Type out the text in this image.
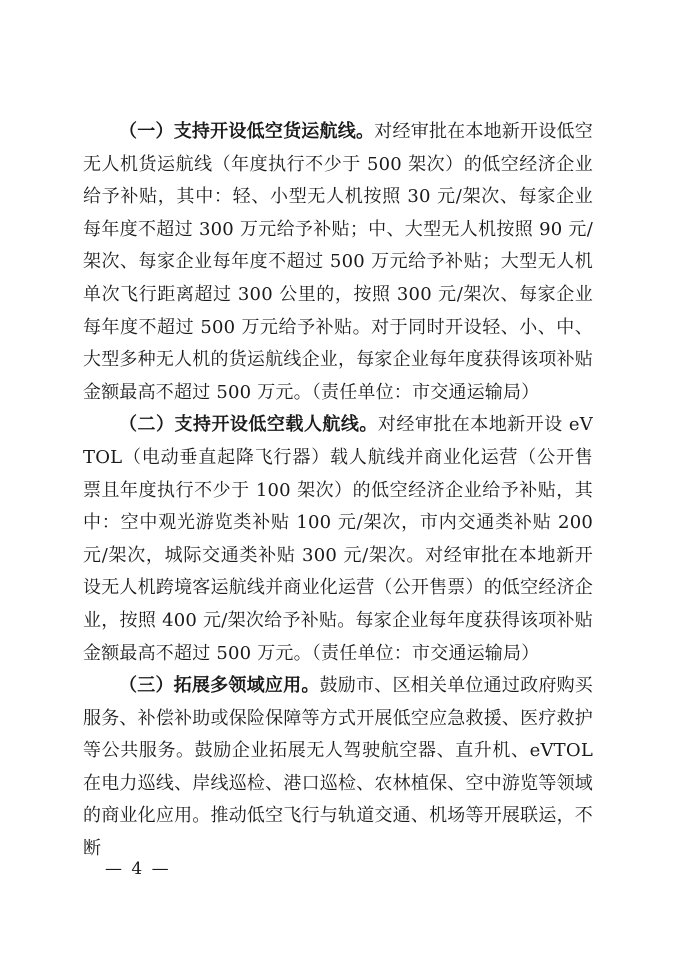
（一）支持开设低空货运航线。对经审批在本地新开设低空无人机货运航线（年度执行不少于 500 架次）的低空经济企业给予补贴，其中：轻、小型无人机按照 30 元/架次、每家企业每年度不超过 300 万元给予补贴；中、大型无人机按照 90 元/架次、每家企业每年度不超过 500 万元给予补贴；大型无人机单次飞行距离超过 300 公里的，按照 300 元/架次、每家企业每年度不超过 500 万元给予补贴。对于同时开设轻、小、中、大型多种无人机的货运航线企业，每家企业每年度获得该项补贴金额最高不超过 500 万元。（责任单位：市交通运输局）

（二）支持开设低空载人航线。对经审批在本地新开设 eVTOL（电动垂直起降飞行器）载人航线并商业化运营（公开售票且年度执行不少于 100 架次）的低空经济企业给予补贴，其中：空中观光游览类补贴 100 元/架次，市内交通类补贴 200 元/架次，城际交通类补贴 300 元/架次。对经审批在本地新开设无人机跨境客运航线并商业化运营（公开售票）的低空经济企业，按照 400 元/架次给予补贴。每家企业每年度获得该项补贴金额最高不超过 500 万元。（责任单位：市交通运输局）

（三）拓展多领域应用。鼓励市、区相关单位通过政府购买服务、补偿补助或保险保障等方式开展低空应急救援、医疗救护等公共服务。鼓励企业拓展无人驾驶航空器、直升机、eVTOL 在电力巡线、岸线巡检、港口巡检、农林植保、空中游览等领域的商业化应用。推动低空飞行与轨道交通、机场等开展联运，不断

— 4 —
